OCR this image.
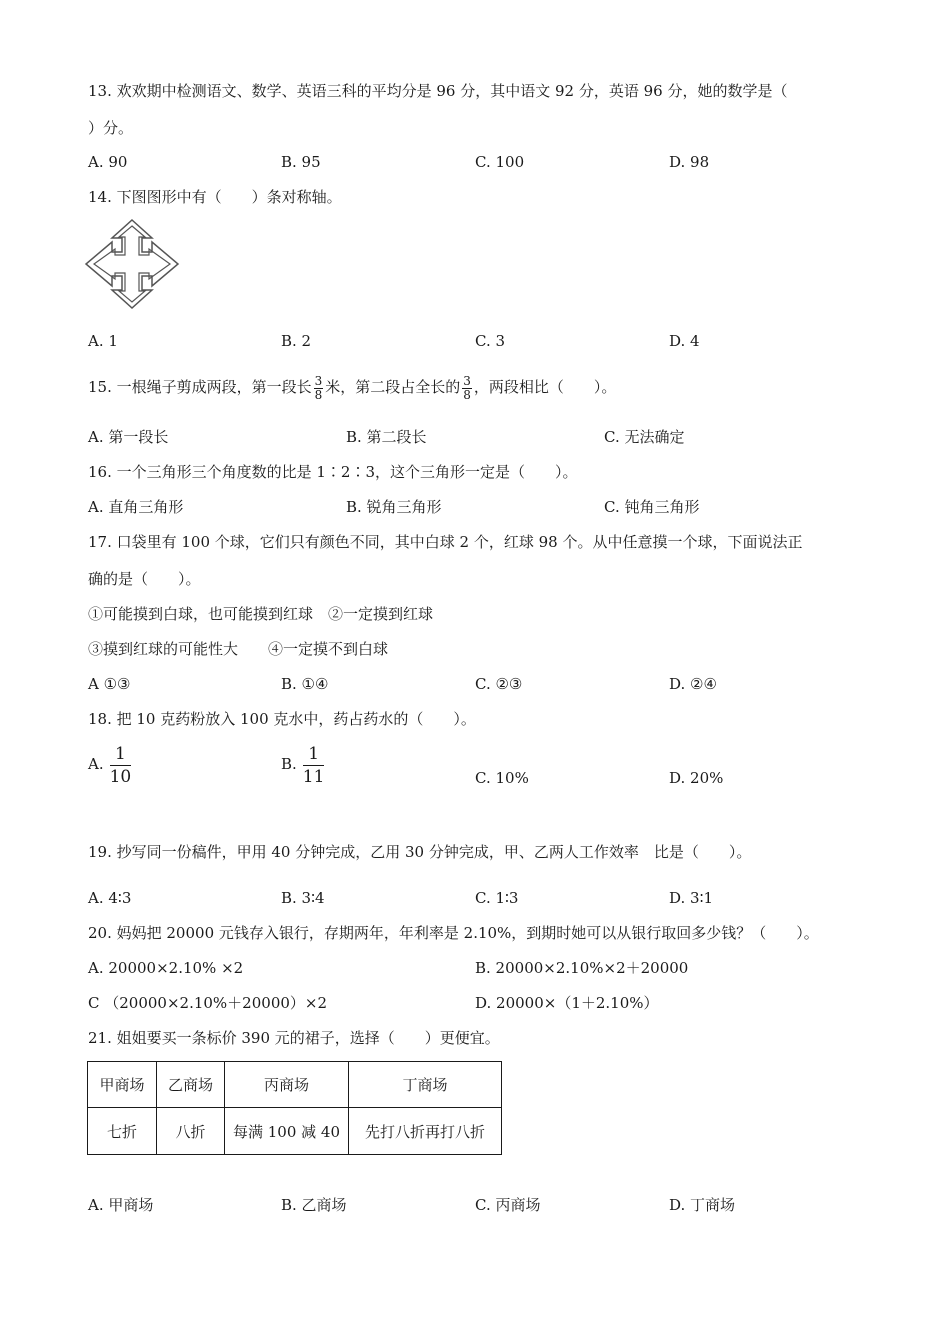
13. 欢欢期中检测语文、数学、英语三科的平均分是 96 分，其中语文 92 分，英语 96 分，她的数学是（
）分。
A. 90	B. 95	C. 100	D. 98
14. 下图图形中有（　　）条对称轴。
A. 1	B. 2	C. 3	D. 4
15. 一根绳子剪成两段，第一段长 $\frac{3}{8}$ 米，第二段占全长的 $\frac{3}{8}$ ，两段相比（　　）。
A. 第一段长	B. 第二段长	C. 无法确定
16. 一个三角形三个角度数的比是 1∶2∶3，这个三角形一定是（　　）。
A. 直角三角形	B. 锐角三角形	C. 钝角三角形
17. 口袋里有 100 个球，它们只有颜色不同，其中白球 2 个，红球 98 个。从中任意摸一个球，下面说法正
确的是（　　）。
①可能摸到白球，也可能摸到红球　②一定摸到红球
③摸到红球的可能性大　　④一定摸不到白球
A ①③	B. ①④	C. ②③	D. ②④
18. 把 10 克药粉放入 100 克水中，药占药水的（　　）。
A. $\frac{1}{10}$	B. $\frac{1}{11}$	C. 10%	D. 20%
19. 抄写同一份稿件，甲用 40 分钟完成，乙用 30 分钟完成，甲、乙两人工作效率　比是（　　）。
A. 4∶3	B. 3∶4	C. 1∶3	D. 3∶1
20. 妈妈把 20000 元钱存入银行，存期两年，年利率是 2.10%，到期时她可以从银行取回多少钱？（　　）。
A. 20000×2.10% ×2	B. 20000×2.10%×2＋20000
C （20000×2.10%＋20000）×2	D. 20000×（1＋2.10%）
21. 姐姐要买一条标价 390 元的裙子，选择（　　）更便宜。
甲商场	乙商场	丙商场	丁商场
七折	八折	每满 100 减 40	先打八折再打八折
A. 甲商场	B. 乙商场	C. 丙商场	D. 丁商场
